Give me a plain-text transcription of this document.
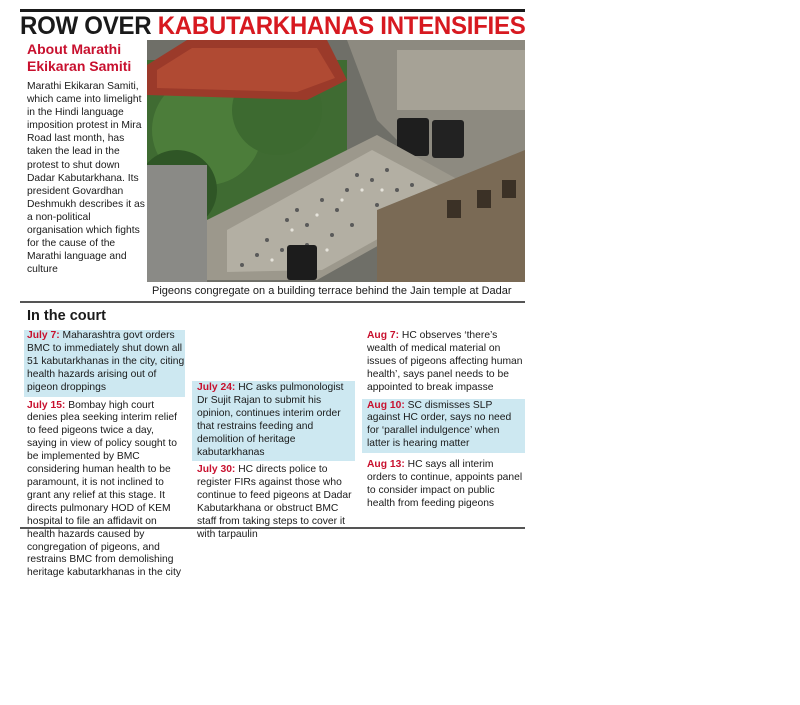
ROW OVER KABUTARKHANAS INTENSIFIES
About Marathi Ekikaran Samiti
Marathi Ekikaran Samiti, which came into limelight in the Hindi language imposition protest in Mira Road last month, has taken the lead in the protest to shut down Dadar Kabutarkhana. Its president Govardhan Deshmukh describes it as a non-political organisation which fights for the cause of the Marathi language and culture
Pigeons congregate on a building terrace behind the Jain temple at Dadar
In the court
July 7: Maharashtra govt orders BMC to immediately shut down all 51 kabutarkhanas in the city, citing health hazards arising out of pigeon droppings
July 15: Bombay high court denies plea seeking interim relief to feed pigeons twice a day, saying in view of policy sought to be implemented by BMC considering human health to be paramount, it is not inclined to grant any relief at this stage. It directs pulmonary HOD of KEM hospital to file an affidavit on health hazards caused by congregation of pigeons, and restrains BMC from demolishing heritage kabutarkhanas in the city
Aug 7: HC observes ‘there’s wealth of medical material on issues of pigeons affecting human health’, says panel needs to be appointed to break impasse
Aug 10: SC dismisses SLP against HC order, says no need for ‘parallel indulgence’ when latter is hearing matter
Aug 13: HC says all interim orders to continue, appoints panel to consider impact on public health from feeding pigeons
July 24: HC asks pulmonologist Dr Sujit Rajan to submit his opinion, continues interim order that restrains feeding and demolition of heritage kabutarkhanas
July 30: HC directs police to register FIRs against those who continue to feed pigeons at Dadar Kabutarkhana or obstruct BMC staff from taking steps to cover it with tarpaulin
